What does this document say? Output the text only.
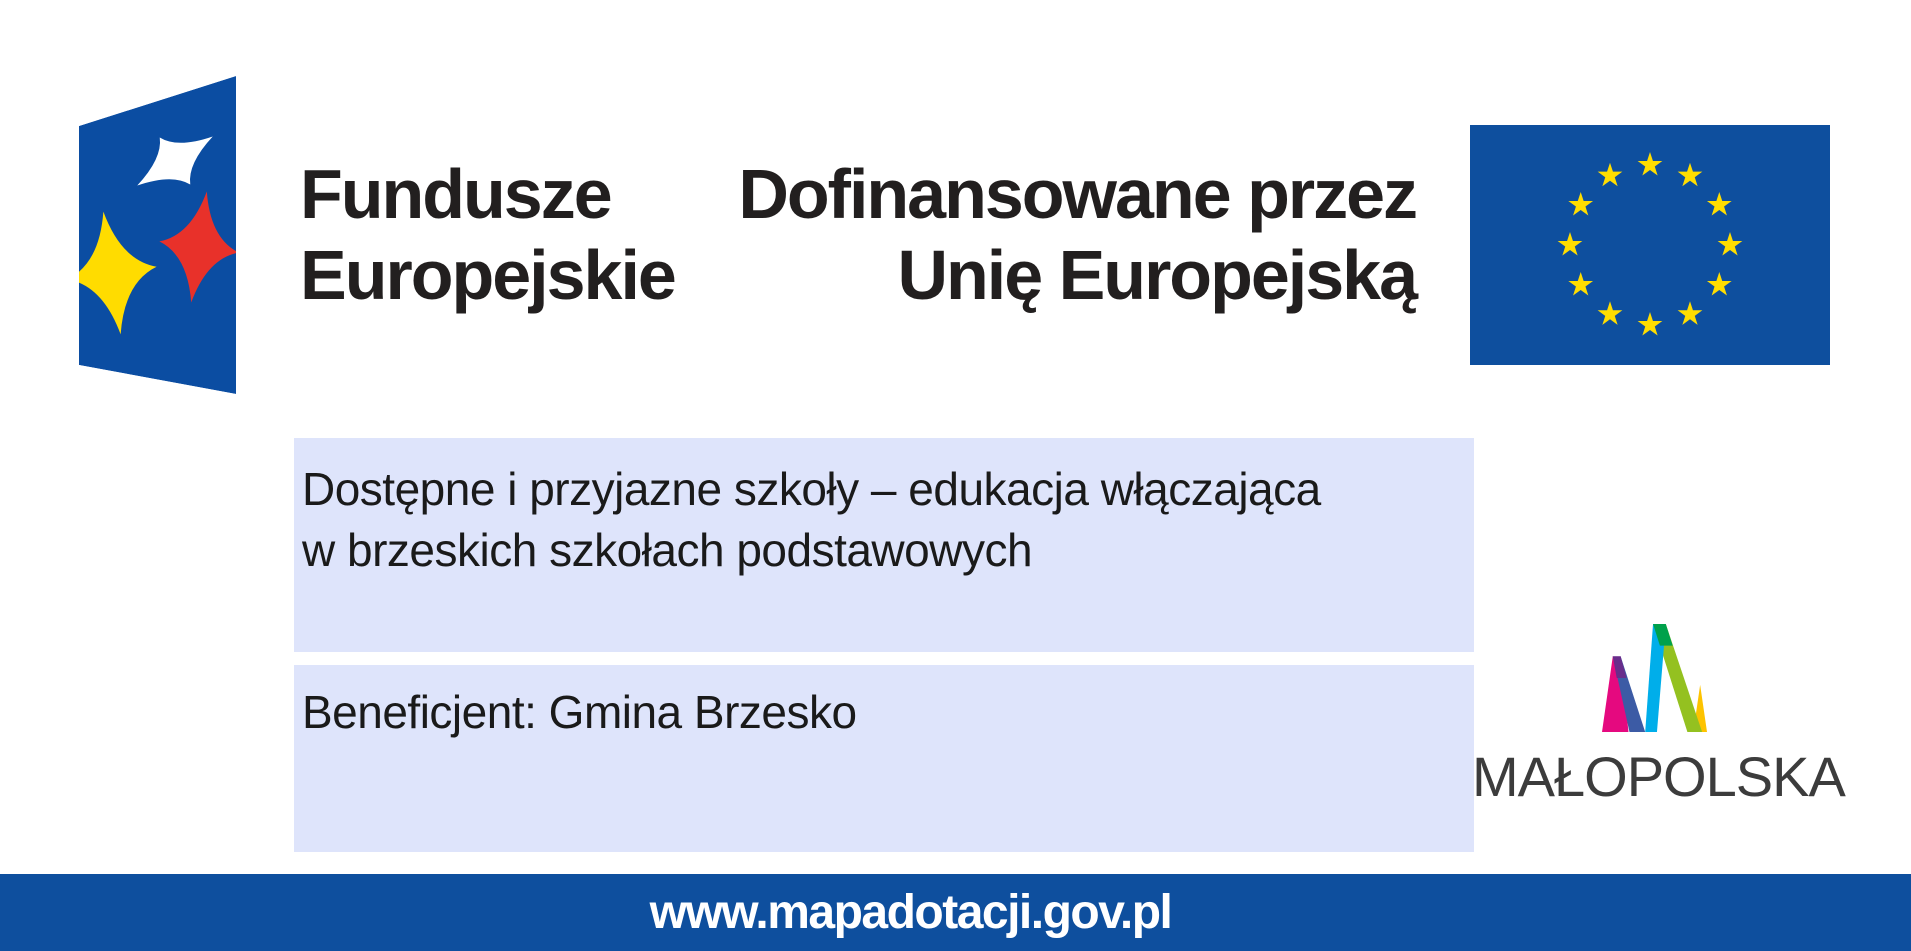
Fundusze
Europejskie
Dofinansowane przez
Unię Europejską
Dostępne i przyjazne szkoły – edukacja włączająca
w brzeskich szkołach podstawowych
Beneficjent: Gmina Brzesko
MAŁOPOLSKA
www.mapadotacji.gov.pl
